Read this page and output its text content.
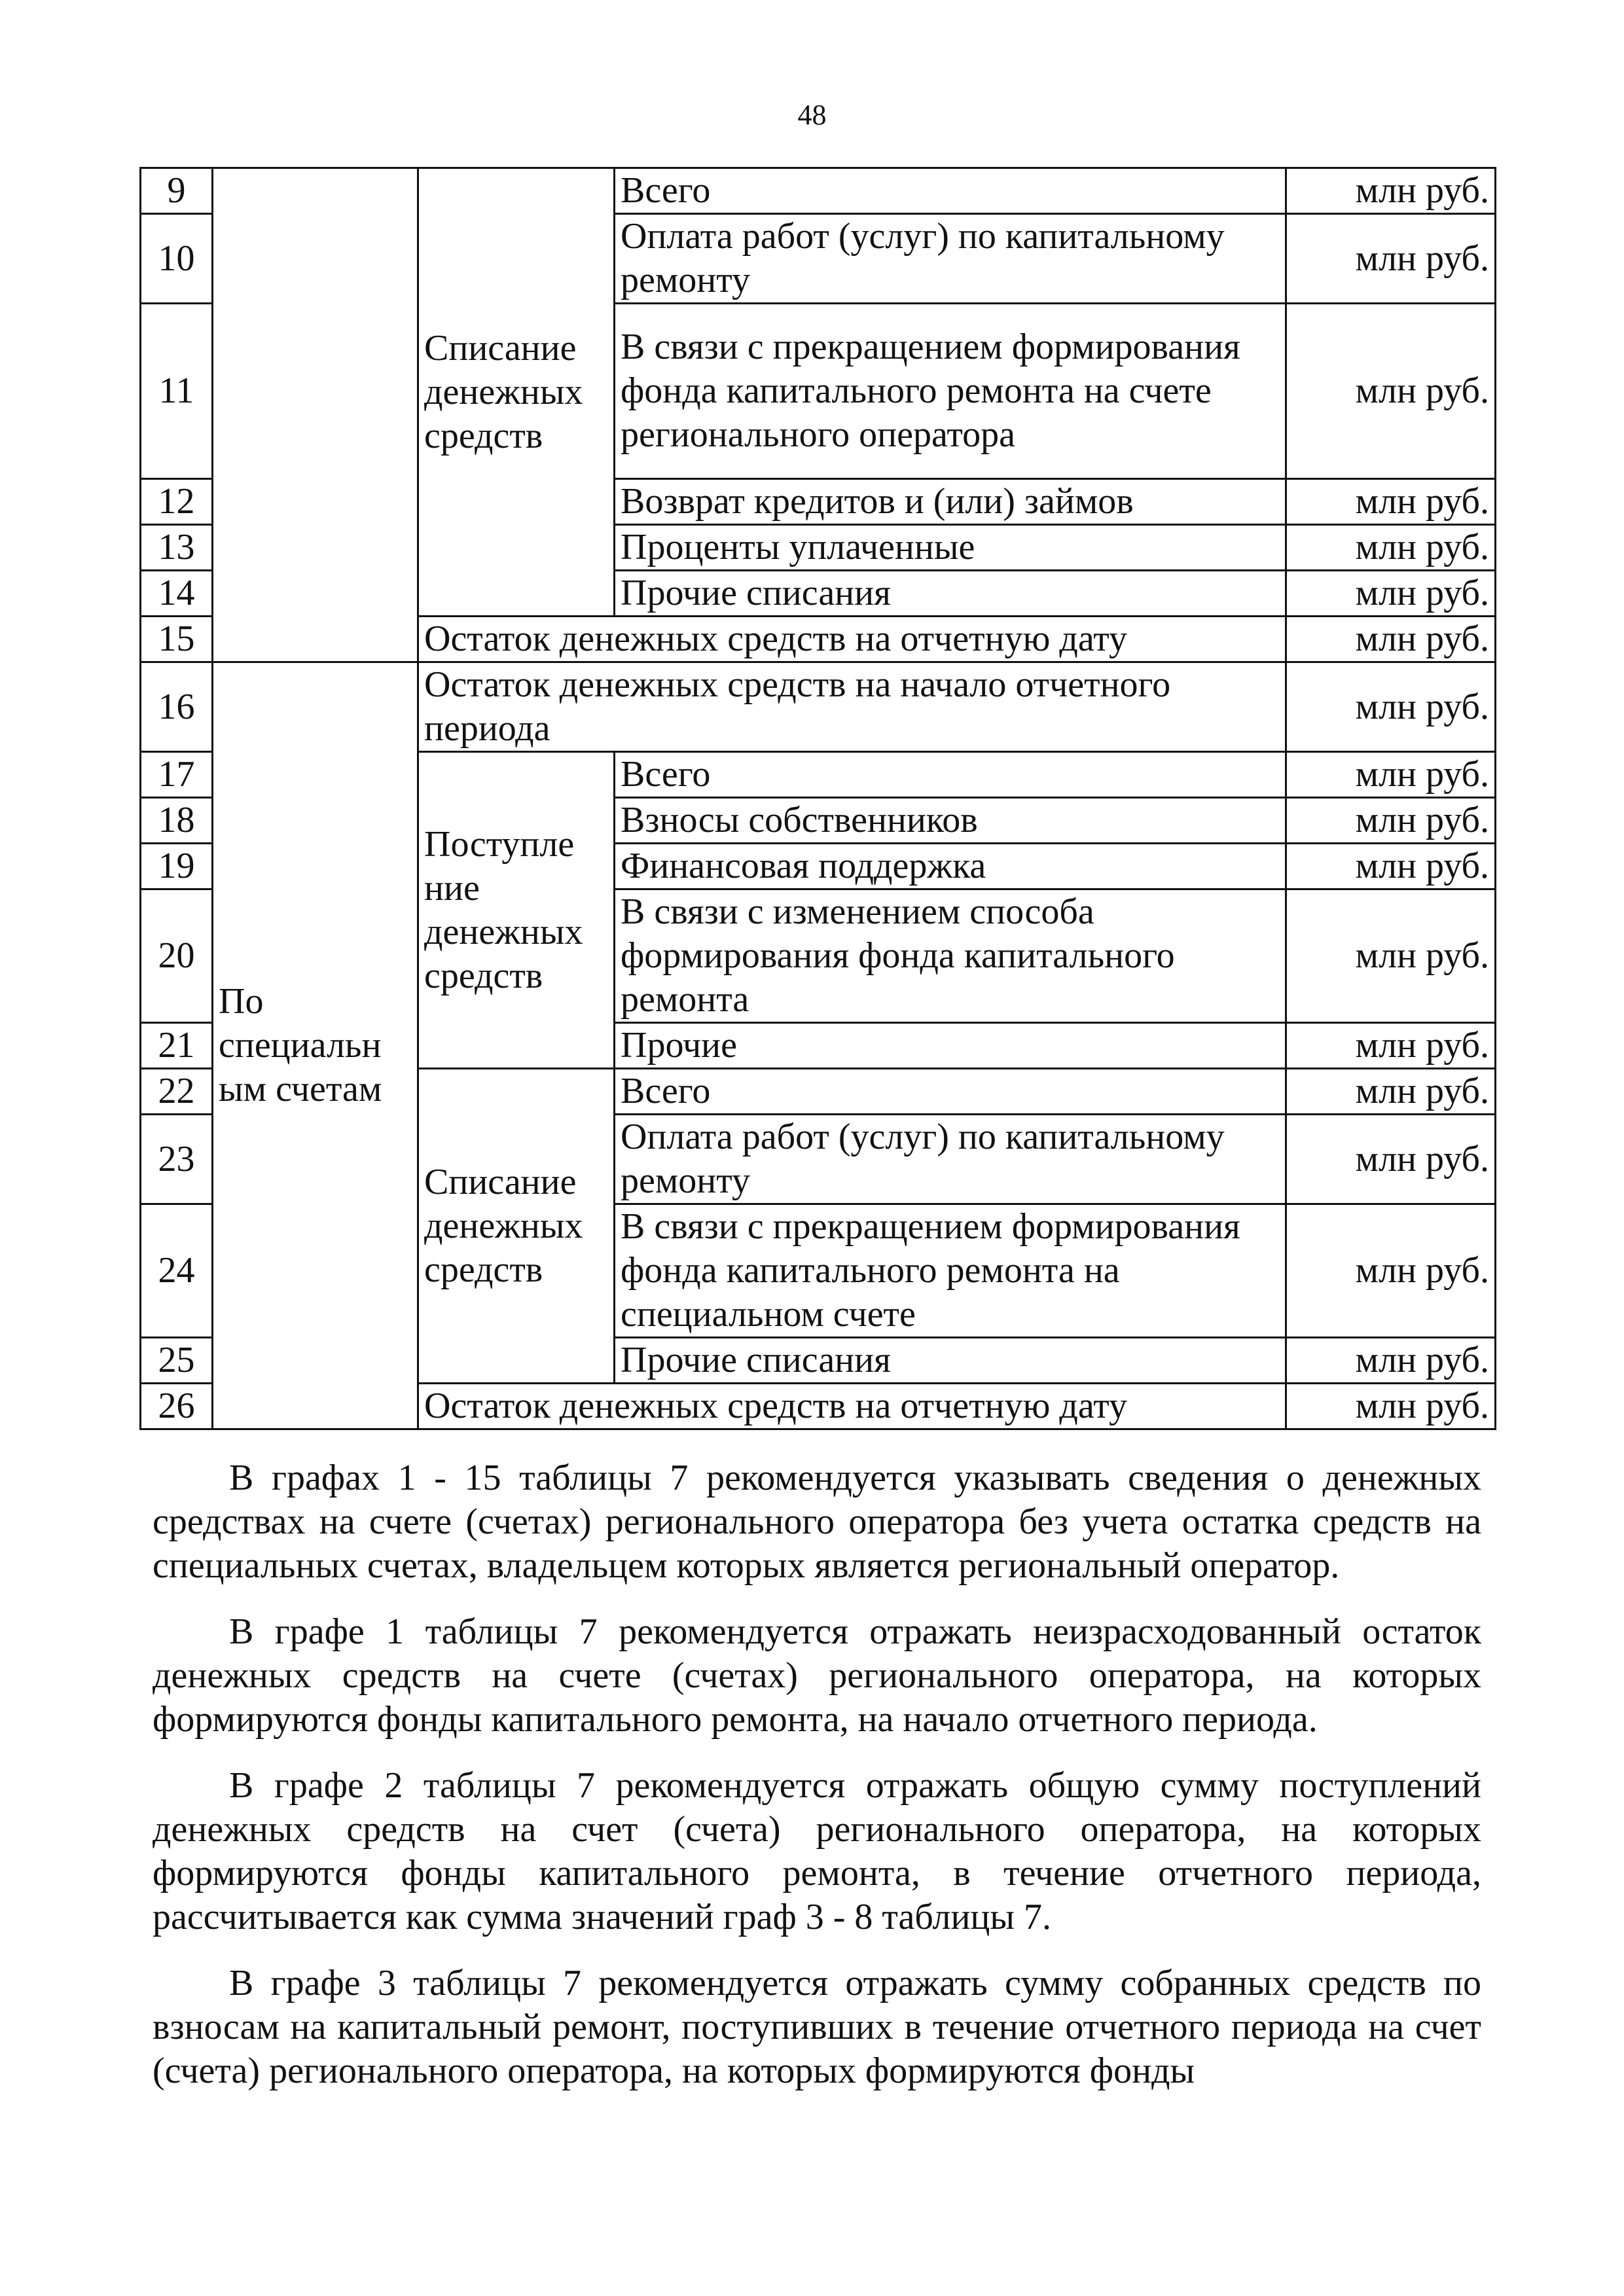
48
9		Списание денежных средств	Всего	млн руб.
10			Оплата работ (услуг) по капитальному ремонту	млн руб.
11			В связи с прекращением формирования фонда капитального ремонта на счете регионального оператора	млн руб.
12			Возврат кредитов и (или) займов	млн руб.
13			Проценты уплаченные	млн руб.
14			Прочие списания	млн руб.
15		Остаток денежных средств на отчетную дату		млн руб.
16	По специальн ым счетам	Остаток денежных средств на начало отчетного периода		млн руб.
17		Поступле ние денежных средств	Всего	млн руб.
18			Взносы собственников	млн руб.
19			Финансовая поддержка	млн руб.
20			В связи с изменением способа формирования фонда капитального ремонта	млн руб.
21			Прочие	млн руб.
22		Списание денежных средств	Всего	млн руб.
23			Оплата работ (услуг) по капитальному ремонту	млн руб.
24			В связи с прекращением формирования фонда капитального ремонта на специальном счете	млн руб.
25			Прочие списания	млн руб.
26		Остаток денежных средств на отчетную дату		млн руб.

В графах 1 - 15 таблицы 7 рекомендуется указывать сведения о денежных средствах на счете (счетах) регионального оператора без учета остатка средств на специальных счетах, владельцем которых является региональный оператор.

В графе 1 таблицы 7 рекомендуется отражать неизрасходованный остаток денежных средств на счете (счетах) регионального оператора, на которых формируются фонды капитального ремонта, на начало отчетного периода.

В графе 2 таблицы 7 рекомендуется отражать общую сумму поступлений денежных средств на счет (счета) регионального оператора, на которых формируются фонды капитального ремонта, в течение отчетного периода, рассчитывается как сумма значений граф 3 - 8 таблицы 7.

В графе 3 таблицы 7 рекомендуется отражать сумму собранных средств по взносам на капитальный ремонт, поступивших в течение отчетного периода на счет (счета) регионального оператора, на которых формируются фонды
